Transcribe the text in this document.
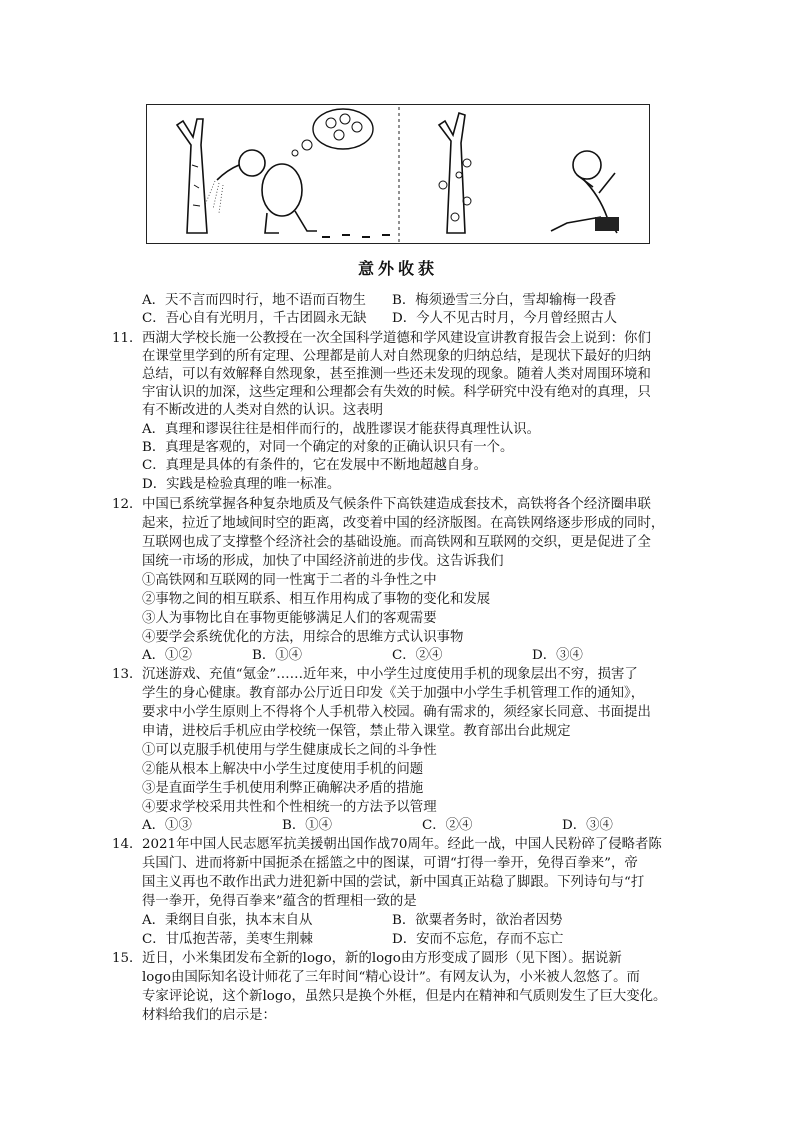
意外收获
A．天不言而四时行，地不语而百物生 B．梅须逊雪三分白，雪却输梅一段香
C．吾心自有光明月，千古团圆永无缺 D．今人不见古时月，今月曾经照古人
11． 西湖大学校长施一公教授在一次全国科学道德和学风建设宣讲教育报告会上说到：你们
在课堂里学到的所有定理、公理都是前人对自然现象的归纳总结，是现状下最好的归纳
总结，可以有效解释自然现象，甚至推测一些还未发现的现象。随着人类对周围环境和
宇宙认识的加深，这些定理和公理都会有失效的时候。科学研究中没有绝对的真理，只
有不断改进的人类对自然的认识。这表明
A．真理和谬误往往是相伴而行的，战胜谬误才能获得真理性认识。
B．真理是客观的，对同一个确定的对象的正确认识只有一个。
C．真理是具体的有条件的，它在发展中不断地超越自身。
D．实践是检验真理的唯一标准。
12． 中国已系统掌握各种复杂地质及气候条件下高铁建造成套技术，高铁将各个经济圈串联
起来，拉近了地域间时空的距离，改变着中国的经济版图。在高铁网络逐步形成的同时，
互联网也成了支撑整个经济社会的基础设施。而高铁网和互联网的交织，更是促进了全
国统一市场的形成，加快了中国经济前进的步伐。这告诉我们
①高铁网和互联网的同一性寓于二者的斗争性之中
②事物之间的相互联系、相互作用构成了事物的变化和发展
③人为事物比自在事物更能够满足人们的客观需要
④要学会系统优化的方法，用综合的思维方式认识事物
A．①②	B．①④	C．②④	D．③④
13． 沉迷游戏、充值“氪金”……近年来，中小学生过度使用手机的现象层出不穷，损害了
学生的身心健康。教育部办公厅近日印发《关于加强中小学生手机管理工作的通知》，
要求中小学生原则上不得将个人手机带入校园。确有需求的，须经家长同意、书面提出
申请，进校后手机应由学校统一保管，禁止带入课堂。教育部出台此规定
①可以克服手机使用与学生健康成长之间的斗争性
②能从根本上解决中小学生过度使用手机的问题
③是直面学生手机使用利弊正确解决矛盾的措施
④要求学校采用共性和个性相统一的方法予以管理
A．①③	B．①④	C．②④	D．③④
14． 2021年中国人民志愿军抗美援朝出国作战70周年。经此一战，中国人民粉碎了侵略者陈
兵国门、进而将新中国扼杀在摇篮之中的图谋，可谓“打得一拳开，免得百拳来”，帝
国主义再也不敢作出武力进犯新中国的尝试，新中国真正站稳了脚跟。下列诗句与“打
得一拳开，免得百拳来”蕴含的哲理相一致的是
A．秉纲目自张，执本末自从	B．欲粟者务时，欲治者因势
C．甘瓜抱苦蒂，美枣生荆棘	D．安而不忘危，存而不忘亡
15． 近日，小米集团发布全新的logo，新的logo由方形变成了圆形（见下图）。据说新
logo由国际知名设计师花了三年时间“精心设计”。有网友认为，小米被人忽悠了。而
专家评论说，这个新logo，虽然只是换个外框，但是内在精神和气质则发生了巨大变化。
材料给我们的启示是：
